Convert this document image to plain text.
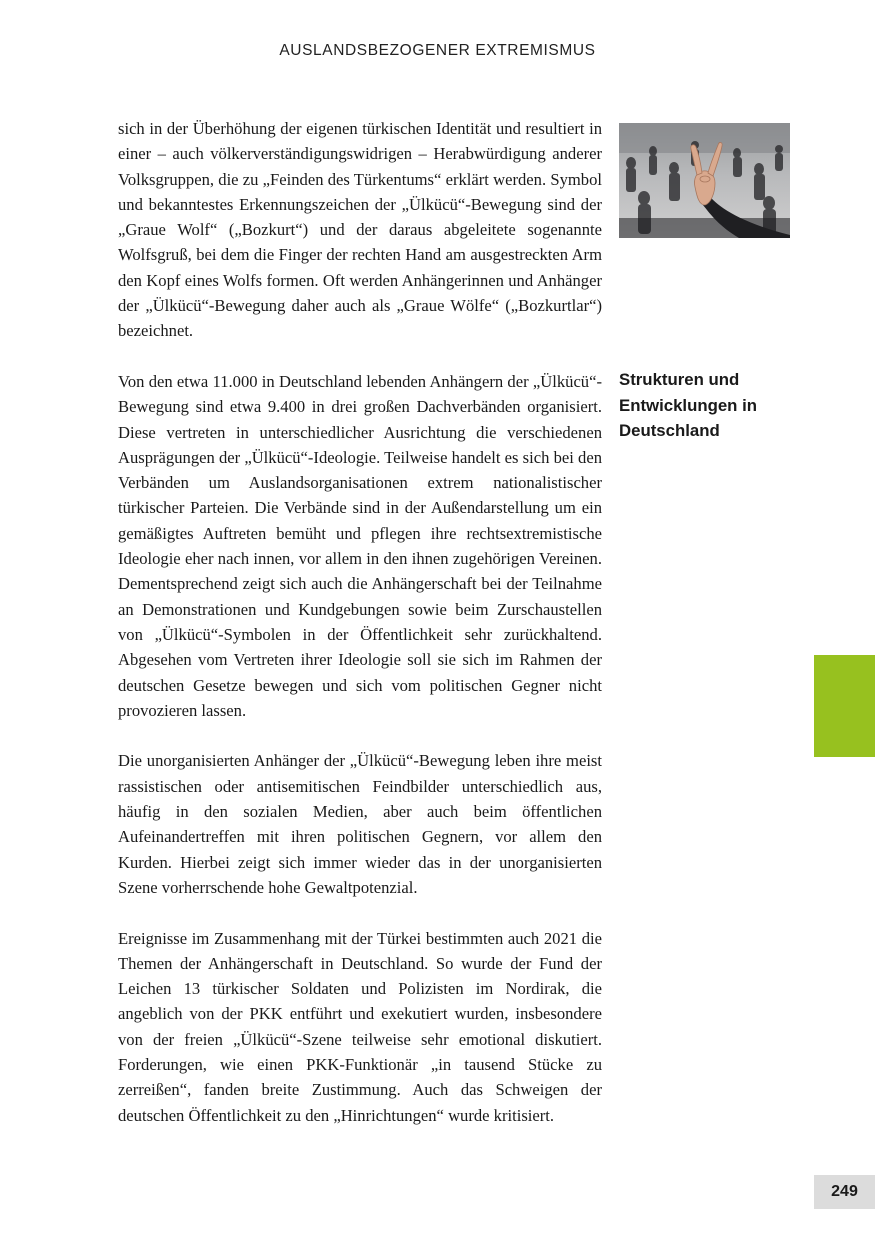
AUSLANDSBEZOGENER EXTREMISMUS

sich in der Überhöhung der eigenen türkischen Identität und resultiert in einer – auch völkerverständigungswidrigen – Herabwürdigung anderer Volksgruppen, die zu „Feinden des Türkentums“ erklärt werden. Symbol und bekanntestes Erkennungszeichen der „Ülkücü“-Bewegung sind der „Graue Wolf“ („Bozkurt“) und der daraus abgeleitete sogenannte Wolfsgruß, bei dem die Finger der rechten Hand am ausgestreckten Arm den Kopf eines Wolfs formen. Oft werden Anhängerinnen und Anhänger der „Ülkücü“-Bewegung daher auch als „Graue Wölfe“ („Bozkurtlar“) bezeichnet.

Von den etwa 11.000 in Deutschland lebenden Anhängern der „Ülkücü“-Bewegung sind etwa 9.400 in drei großen Dachverbänden organisiert. Diese vertreten in unterschiedlicher Ausrichtung die verschiedenen Ausprägungen der „Ülkücü“-Ideologie. Teilweise handelt es sich bei den Verbänden um Auslandsorganisationen extrem nationalistischer türkischer Parteien. Die Verbände sind in der Außendarstellung um ein gemäßigtes Auftreten bemüht und pflegen ihre rechtsextremistische Ideologie eher nach innen, vor allem in den ihnen zugehörigen Vereinen. Dementsprechend zeigt sich auch die Anhängerschaft bei der Teilnahme an Demonstrationen und Kundgebungen sowie beim Zurschaustellen von „Ülkücü“-Symbolen in der Öffentlichkeit sehr zurückhaltend. Abgesehen vom Vertreten ihrer Ideologie soll sie sich im Rahmen der deutschen Gesetze bewegen und sich vom politischen Gegner nicht provozieren lassen.

Die unorganisierten Anhänger der „Ülkücü“-Bewegung leben ihre meist rassistischen oder antisemitischen Feindbilder unterschiedlich aus, häufig in den sozialen Medien, aber auch beim öffentlichen Aufeinandertreffen mit ihren politischen Gegnern, vor allem den Kurden. Hierbei zeigt sich immer wieder das in der unorganisierten Szene vorherrschende hohe Gewaltpotenzial.

Ereignisse im Zusammenhang mit der Türkei bestimmten auch 2021 die Themen der Anhängerschaft in Deutschland. So wurde der Fund der Leichen 13 türkischer Soldaten und Polizisten im Nordirak, die angeblich von der PKK entführt und exekutiert wurden, insbesondere von der freien „Ülkücü“-Szene teilweise sehr emotional diskutiert. Forderungen, wie einen PKK-Funktionär „in tausend Stücke zu zerreißen“, fanden breite Zustimmung. Auch das Schweigen der deutschen Öffentlichkeit zu den „Hinrichtungen“ wurde kritisiert.

Strukturen und
Entwicklungen in
Deutschland
249
